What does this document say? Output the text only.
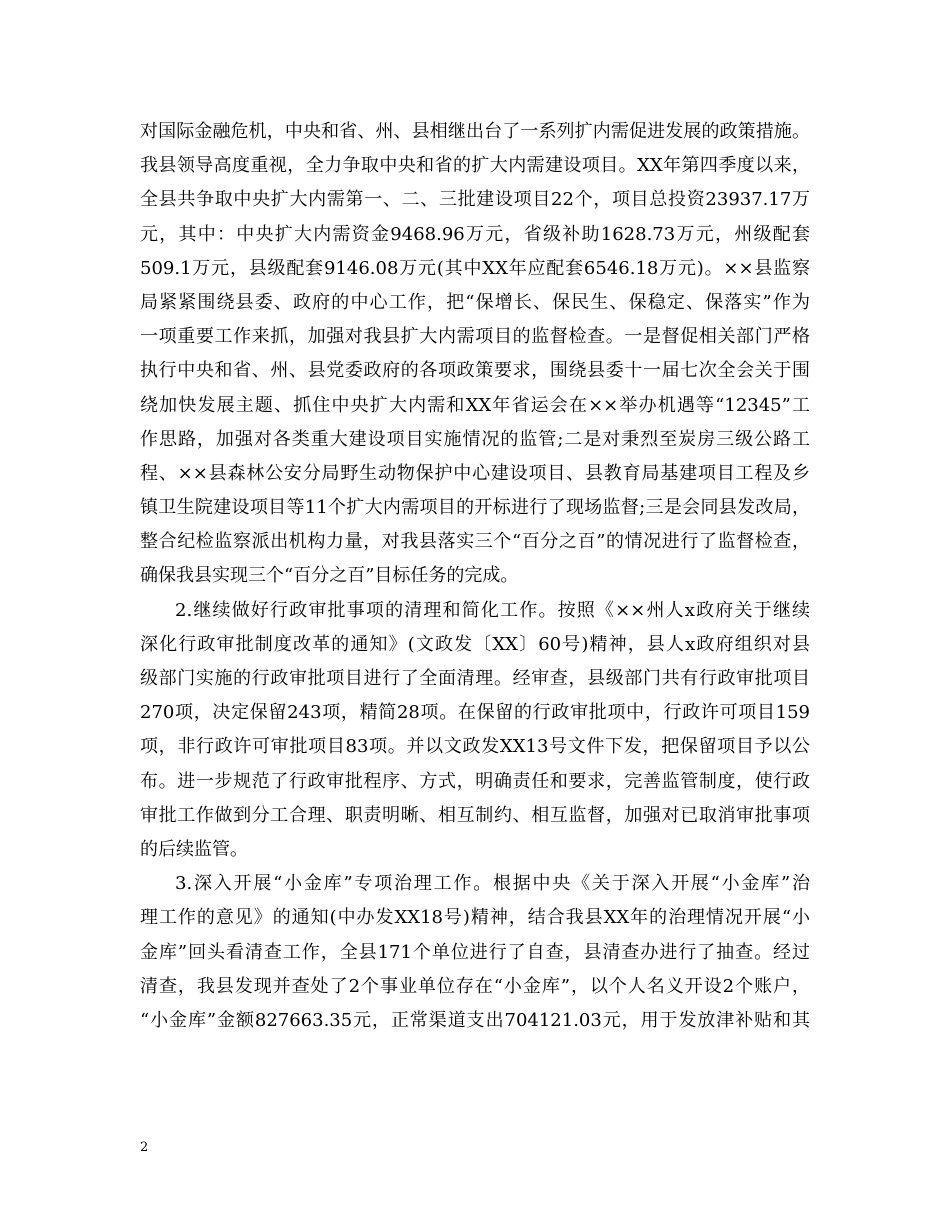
对国际金融危机，中央和省、州、县相继出台了一系列扩内需促进发展的政策措施。
我县领导高度重视，全力争取中央和省的扩大内需建设项目。XX年第四季度以来，
全县共争取中央扩大内需第一、二、三批建设项目22个，项目总投资23937.17万
元，其中：中央扩大内需资金9468.96万元，省级补助1628.73万元，州级配套
509.1万元，县级配套9146.08万元(其中XX年应配套6546.18万元)。××县监察
局紧紧围绕县委、政府的中心工作，把“保增长、保民生、保稳定、保落实”作为
一项重要工作来抓，加强对我县扩大内需项目的监督检查。一是督促相关部门严格
执行中央和省、州、县党委政府的各项政策要求，围绕县委十一届七次全会关于围
绕加快发展主题、抓住中央扩大内需和XX年省运会在××举办机遇等“12345”工
作思路，加强对各类重大建设项目实施情况的监管;二是对秉烈至炭房三级公路工
程、××县森林公安分局野生动物保护中心建设项目、县教育局基建项目工程及乡
镇卫生院建设项目等11个扩大内需项目的开标进行了现场监督;三是会同县发改局，
整合纪检监察派出机构力量，对我县落实三个“百分之百”的情况进行了监督检查，
确保我县实现三个“百分之百”目标任务的完成。
2.继续做好行政审批事项的清理和简化工作。按照《××州人x政府关于继续
深化行政审批制度改革的通知》(文政发〔XX〕60号)精神，县人x政府组织对县
级部门实施的行政审批项目进行了全面清理。经审查，县级部门共有行政审批项目
270项，决定保留243项，精简28项。在保留的行政审批项中，行政许可项目159
项，非行政许可审批项目83项。并以文政发XX13号文件下发，把保留项目予以公
布。进一步规范了行政审批程序、方式，明确责任和要求，完善监管制度，使行政
审批工作做到分工合理、职责明晰、相互制约、相互监督，加强对已取消审批事项
的后续监管。
3.深入开展“小金库”专项治理工作。根据中央《关于深入开展“小金库”治
理工作的意见》的通知(中办发XX18号)精神，结合我县XX年的治理情况开展“小
金库”回头看清查工作，全县171个单位进行了自查，县清查办进行了抽查。经过
清查，我县发现并查处了2个事业单位存在“小金库”，以个人名义开设2个账户，
“小金库”金额827663.35元，正常渠道支出704121.03元，用于发放津补贴和其
2
